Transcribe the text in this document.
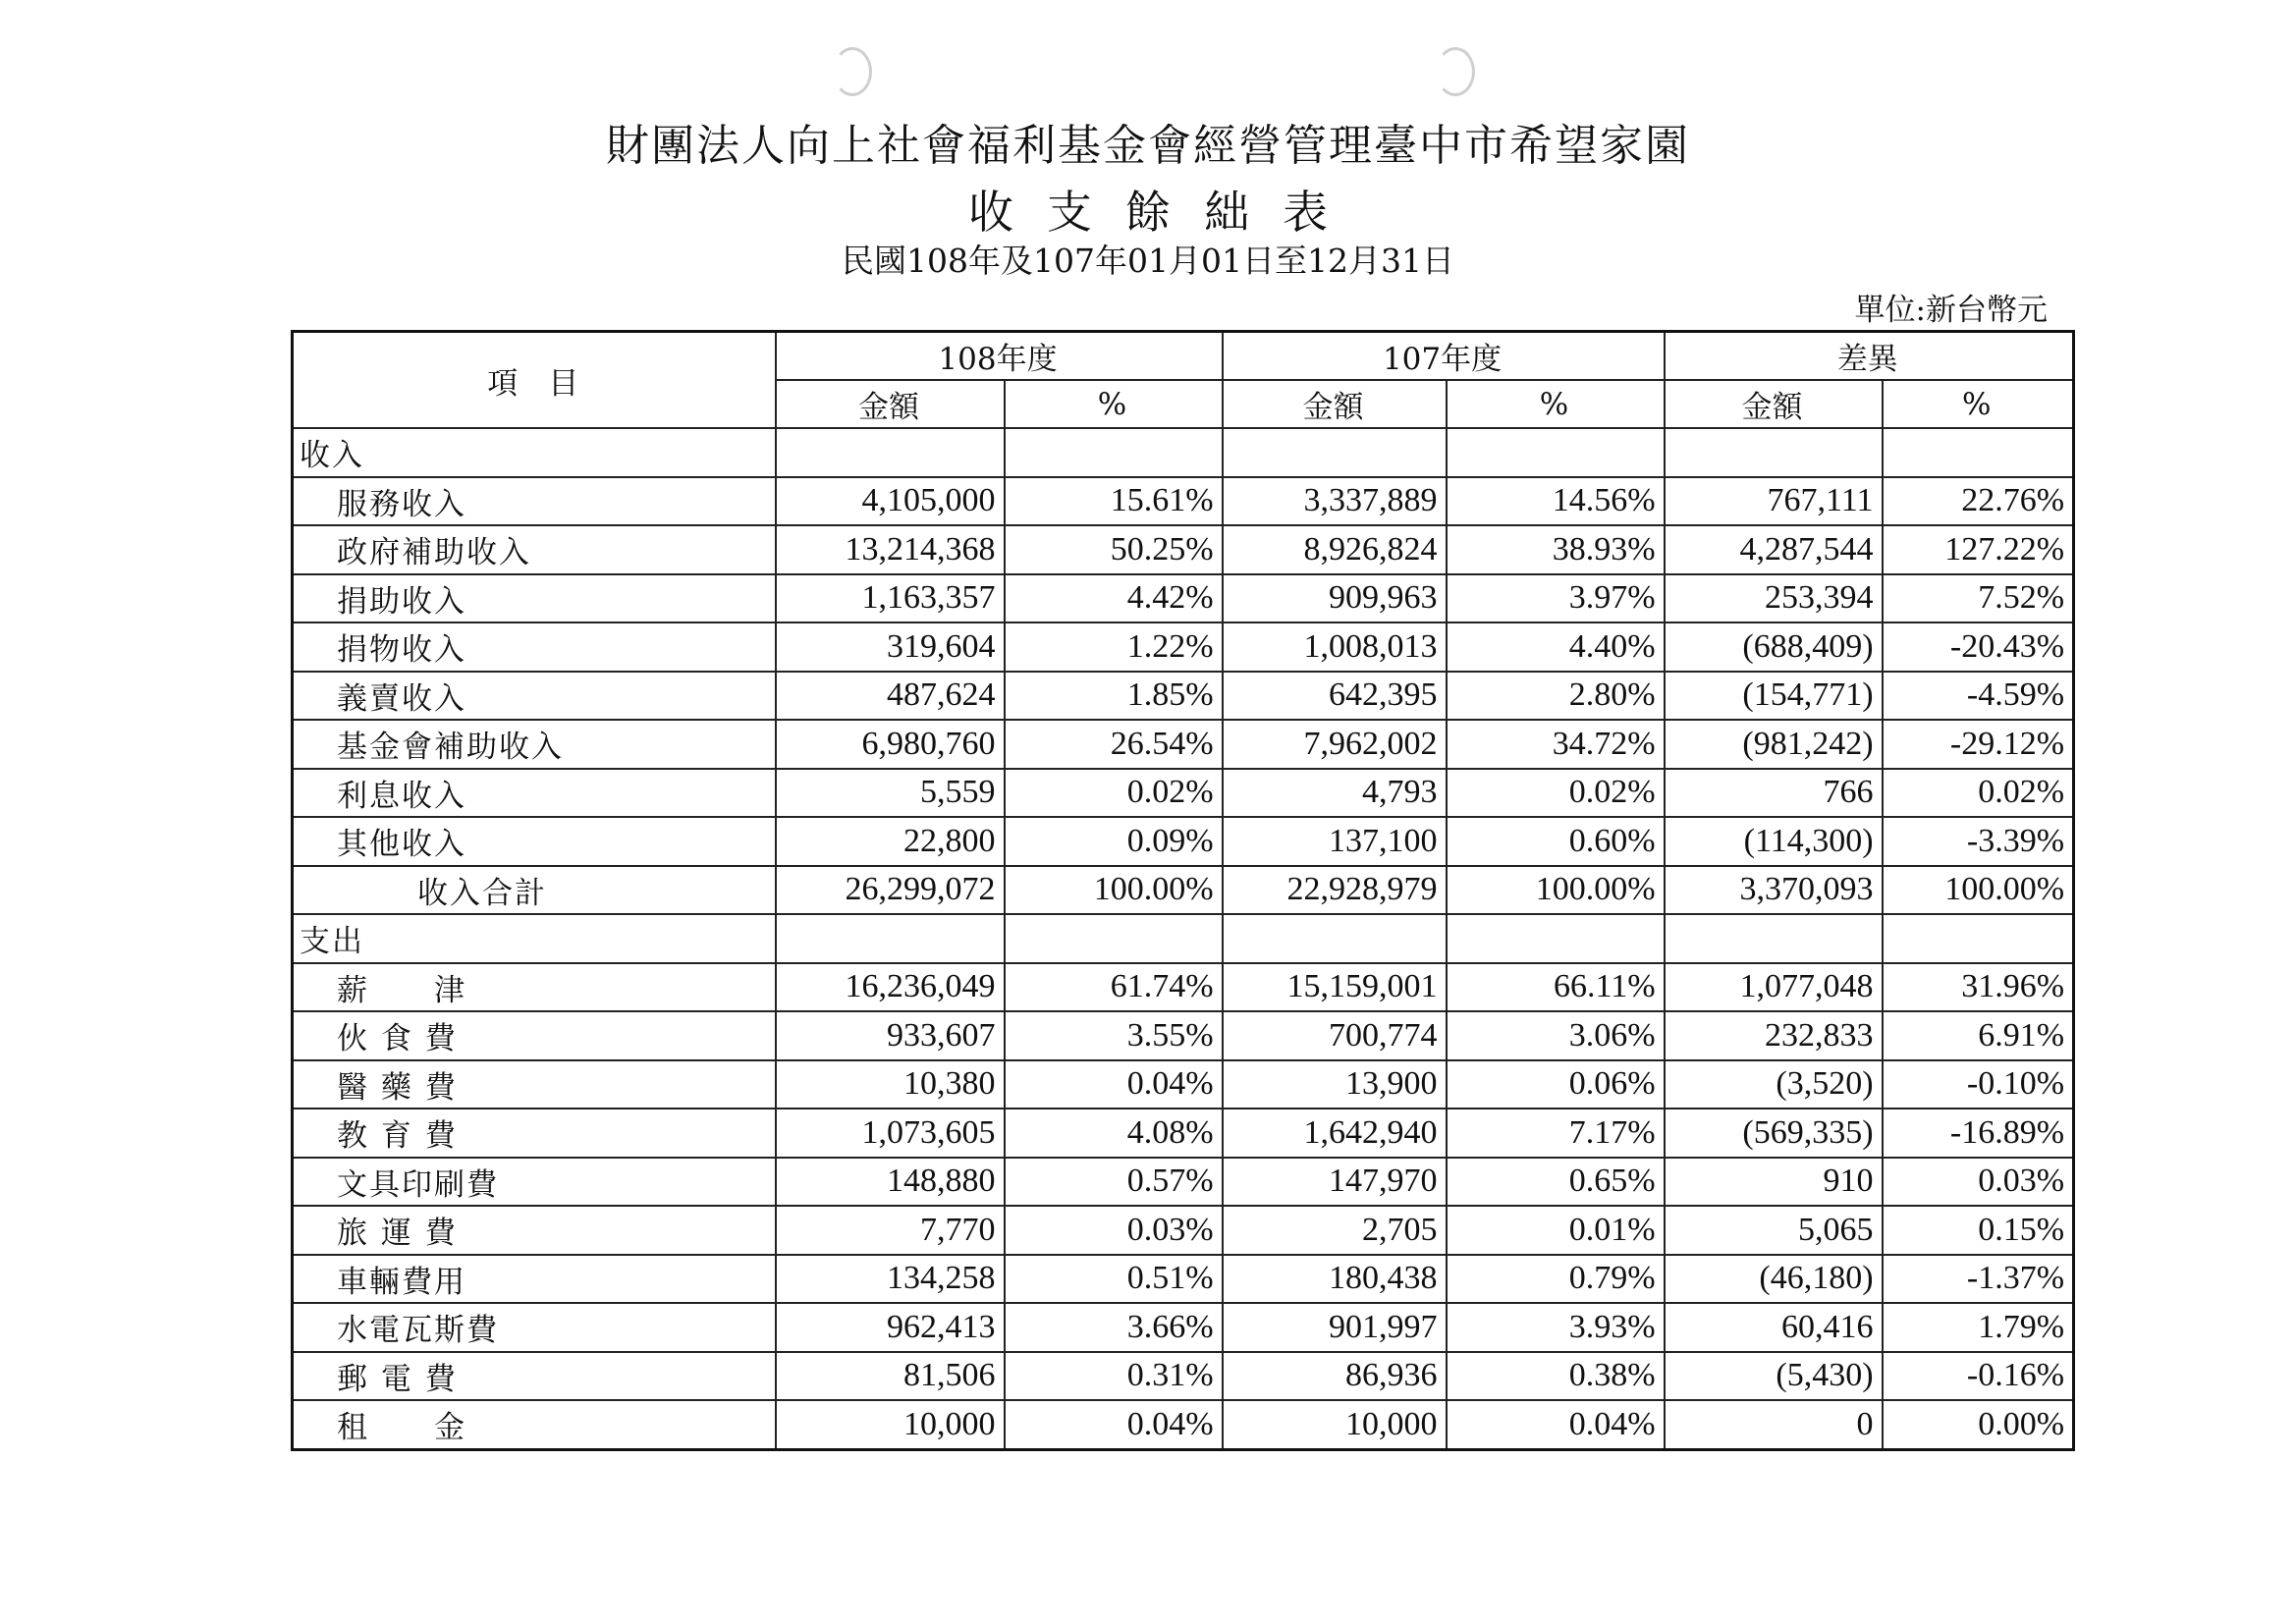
財團法人向上社會福利基金會經營管理臺中市希望家園
收支餘絀表
民國108年及107年01月01日至12月31日
單位:新台幣元
項　目	108年度		107年度		差異	
	金額	%	金額	%	金額	%
收入						
服務收入	4,105,000	15.61%	3,337,889	14.56%	767,111	22.76%
政府補助收入	13,214,368	50.25%	8,926,824	38.93%	4,287,544	127.22%
捐助收入	1,163,357	4.42%	909,963	3.97%	253,394	7.52%
捐物收入	319,604	1.22%	1,008,013	4.40%	(688,409)	-20.43%
義賣收入	487,624	1.85%	642,395	2.80%	(154,771)	-4.59%
基金會補助收入	6,980,760	26.54%	7,962,002	34.72%	(981,242)	-29.12%
利息收入	5,559	0.02%	4,793	0.02%	766	0.02%
其他收入	22,800	0.09%	137,100	0.60%	(114,300)	-3.39%
收入合計	26,299,072	100.00%	22,928,979	100.00%	3,370,093	100.00%
支出						
薪　　津	16,236,049	61.74%	15,159,001	66.11%	1,077,048	31.96%
伙 食 費	933,607	3.55%	700,774	3.06%	232,833	6.91%
醫 藥 費	10,380	0.04%	13,900	0.06%	(3,520)	-0.10%
教 育 費	1,073,605	4.08%	1,642,940	7.17%	(569,335)	-16.89%
文具印刷費	148,880	0.57%	147,970	0.65%	910	0.03%
旅 運 費	7,770	0.03%	2,705	0.01%	5,065	0.15%
車輛費用	134,258	0.51%	180,438	0.79%	(46,180)	-1.37%
水電瓦斯費	962,413	3.66%	901,997	3.93%	60,416	1.79%
郵 電 費	81,506	0.31%	86,936	0.38%	(5,430)	-0.16%
租　　金	10,000	0.04%	10,000	0.04%	0	0.00%
